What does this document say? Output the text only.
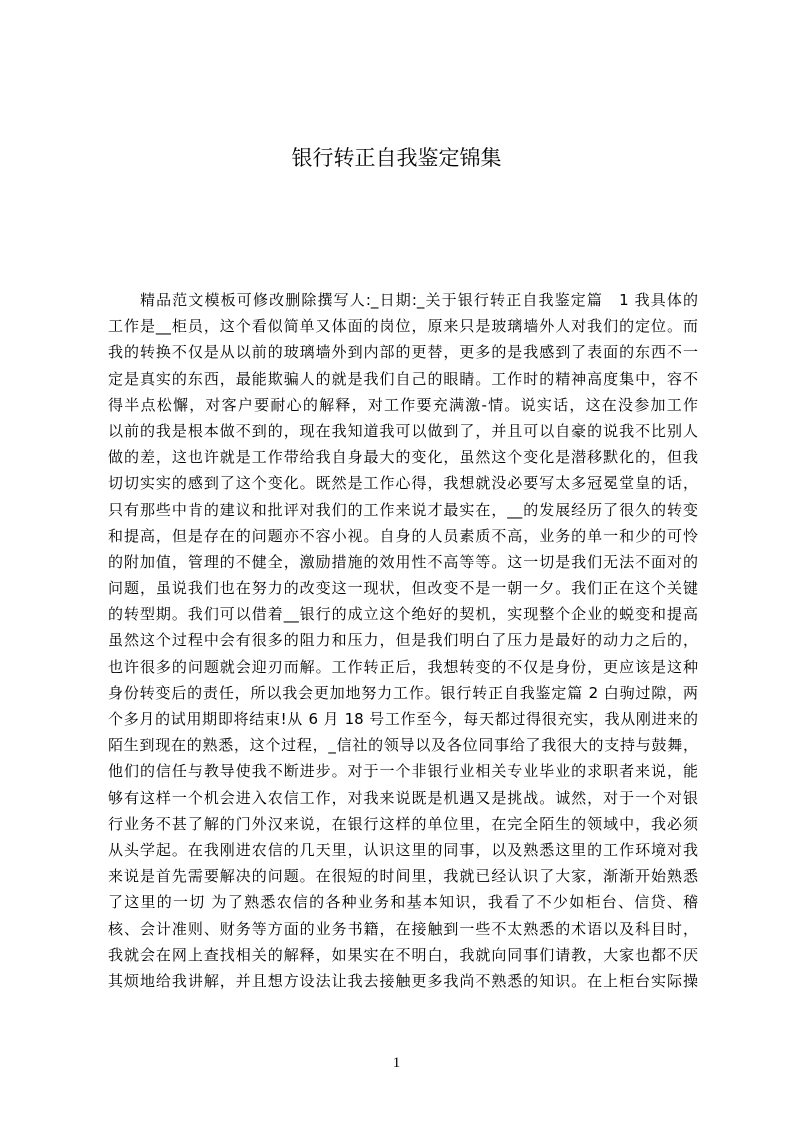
银行转正自我鉴定锦集
精品范文模板可修改删除撰写人:_日期:_关于银行转正自我鉴定篇　1 我具体的
工作是__柜员，这个看似简单又体面的岗位，原来只是玻璃墙外人对我们的定位。而
我的转换不仅是从以前的玻璃墙外到内部的更替，更多的是我感到了表面的东西不一
定是真实的东西，最能欺骗人的就是我们自己的眼睛。工作时的精神高度集中，容不
得半点松懈，对客户要耐心的解释，对工作要充满激-情。说实话，这在没参加工作
以前的我是根本做不到的，现在我知道我可以做到了，并且可以自豪的说我不比别人
做的差，这也许就是工作带给我自身最大的变化，虽然这个变化是潜移默化的，但我
切切实实的感到了这个变化。既然是工作心得，我想就没必要写太多冠冕堂皇的话，
只有那些中肯的建议和批评对我们的工作来说才最实在，__的发展经历了很久的转变
和提高，但是存在的问题亦不容小视。自身的人员素质不高，业务的单一和少的可怜
的附加值，管理的不健全，激励措施的效用性不高等等。这一切是我们无法不面对的
问题，虽说我们也在努力的改变这一现状，但改变不是一朝一夕。我们正在这个关键
的转型期。我们可以借着__银行的成立这个绝好的契机，实现整个企业的蜕变和提高
虽然这个过程中会有很多的阻力和压力，但是我们明白了压力是最好的动力之后的，
也许很多的问题就会迎刃而解。工作转正后，我想转变的不仅是身份，更应该是这种
身份转变后的责任，所以我会更加地努力工作。银行转正自我鉴定篇 2 白驹过隙，两
个多月的试用期即将结束!从 6 月 18 号工作至今，每天都过得很充实，我从刚进来的
陌生到现在的熟悉，这个过程，_信社的领导以及各位同事给了我很大的支持与鼓舞，
他们的信任与教导使我不断进步。对于一个非银行业相关专业毕业的求职者来说，能
够有这样一个机会进入农信工作，对我来说既是机遇又是挑战。诚然，对于一个对银
行业务不甚了解的门外汉来说，在银行这样的单位里，在完全陌生的领域中，我必须
从头学起。在我刚进农信的几天里，认识这里的同事，以及熟悉这里的工作环境对我
来说是首先需要解决的问题。在很短的时间里，我就已经认识了大家，渐渐开始熟悉
了这里的一切 为了熟悉农信的各种业务和基本知识，我看了不少如柜台、信贷、稽
核、会计准则、财务等方面的业务书籍，在接触到一些不太熟悉的术语以及科目时，
我就会在网上查找相关的解释，如果实在不明白，我就向同事们请教，大家也都不厌
其烦地给我讲解，并且想方设法让我去接触更多我尚不熟悉的知识。在上柜台实际操
1
